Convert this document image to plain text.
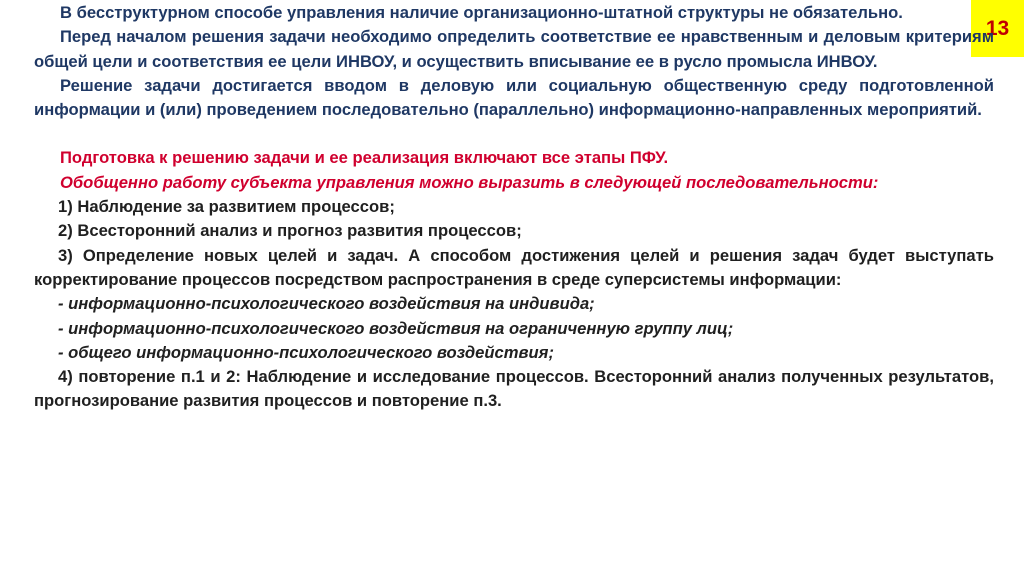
13

В бесструктурном способе управления наличие организационно-штатной структуры не обязательно.

Перед началом решения задачи необходимо определить соответствие ее нравственным и деловым критериям общей цели и соответствия ее цели ИНВОУ, и осуществить вписывание ее в русло промысла ИНВОУ.

Решение задачи достигается вводом в деловую или социальную общественную среду подготовленной информации и (или) проведением последовательно (параллельно) информационно-направленных мероприятий.

Подготовка к решению задачи и ее реализация включают все этапы ПФУ.

Обобщенно работу субъекта управления можно выразить в следующей последовательности:

1) Наблюдение за развитием процессов;

2) Всесторонний анализ и прогноз развития процессов;

3) Определение новых целей и задач. А способом достижения целей и решения задач будет выступать корректирование процессов посредством распространения в среде суперсистемы информации:

- информационно-психологического воздействия на индивида;

- информационно-психологического воздействия на ограниченную группу лиц;

- общего информационно-психологического воздействия;

4) повторение п.1 и 2: Наблюдение и исследование процессов. Всесторонний анализ полученных результатов, прогнозирование развития процессов и повторение п.3.
